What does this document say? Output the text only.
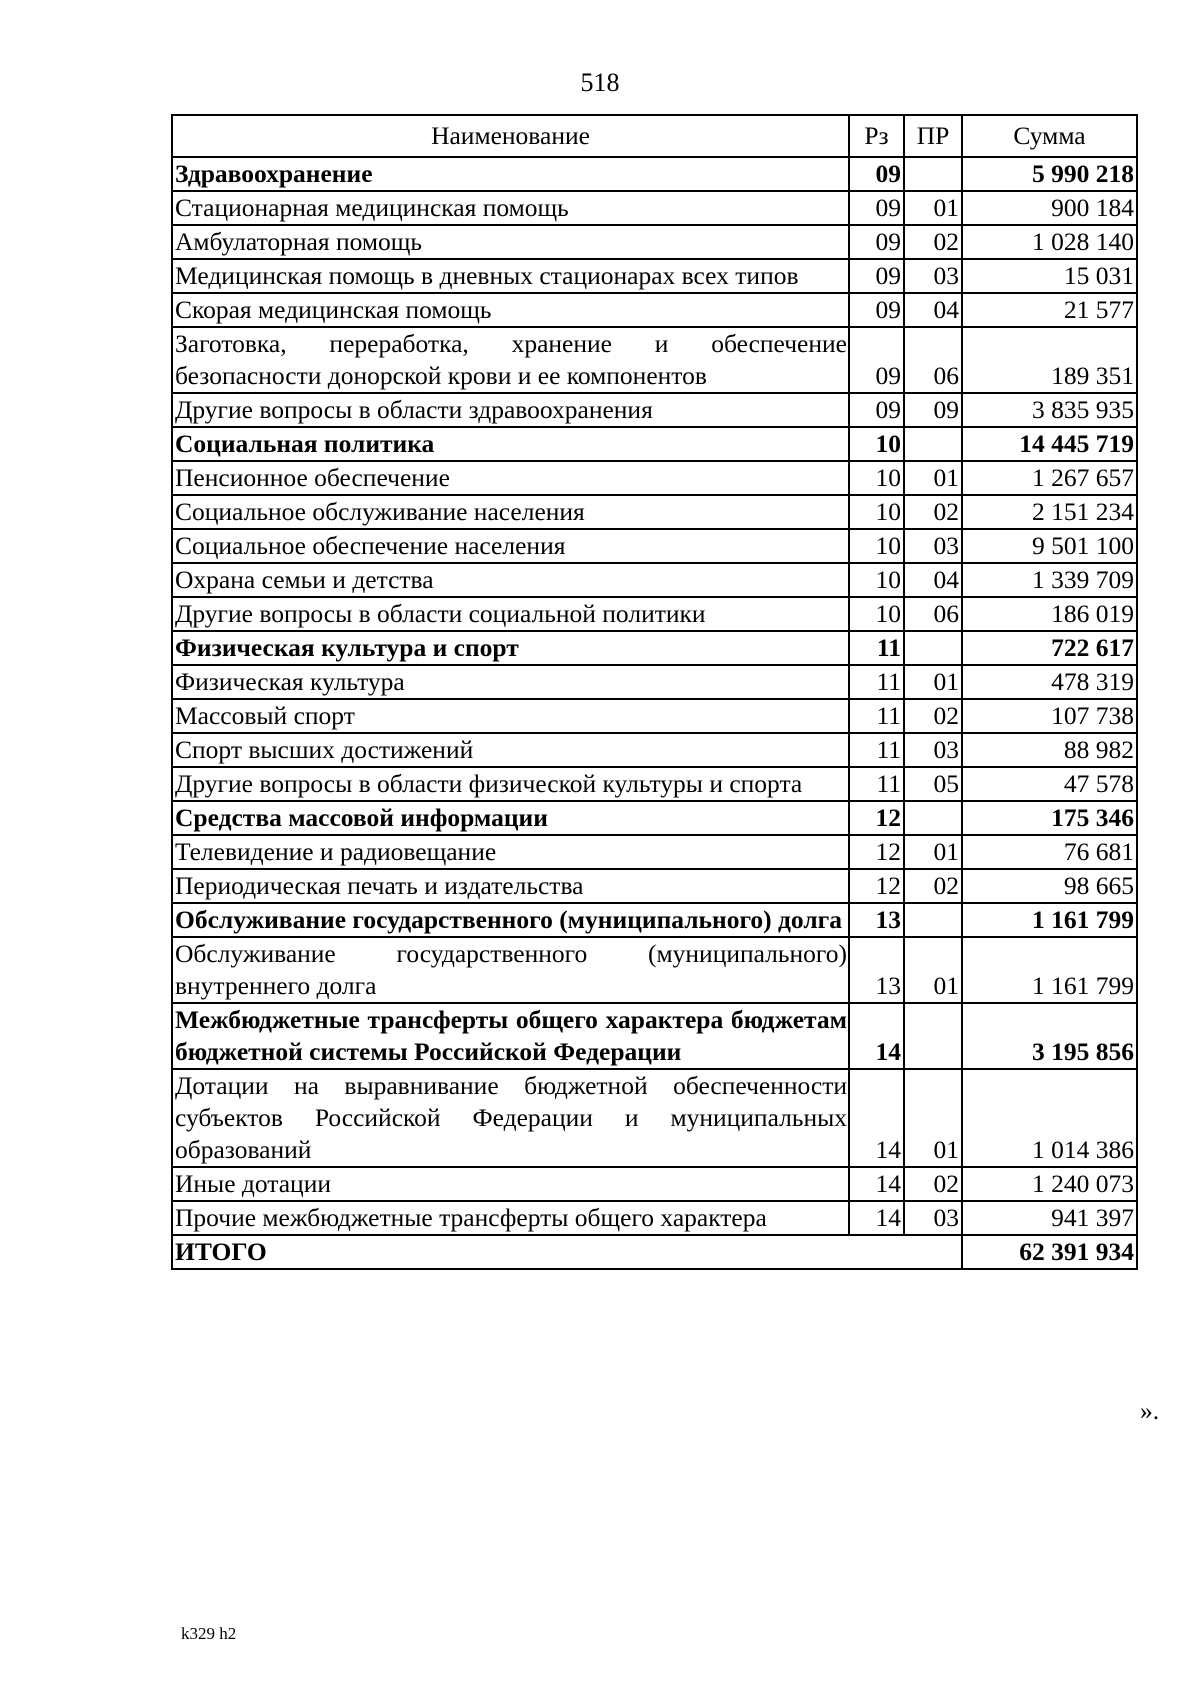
518
Наименование	Рз	ПР	Сумма
Здравоохранение	09		5 990 218
Стационарная медицинская помощь	09	01	900 184
Амбулаторная помощь	09	02	1 028 140
Медицинская помощь в дневных стационарах всех типов	09	03	15 031
Скорая медицинская помощь	09	04	21 577
Заготовка, переработка, хранение и обеспечение безопасности донорской крови и ее компонентов	09	06	189 351
Другие вопросы в области здравоохранения	09	09	3 835 935
Социальная политика	10		14 445 719
Пенсионное обеспечение	10	01	1 267 657
Социальное обслуживание населения	10	02	2 151 234
Социальное обеспечение населения	10	03	9 501 100
Охрана семьи и детства	10	04	1 339 709
Другие вопросы в области социальной политики	10	06	186 019
Физическая культура и спорт	11		722 617
Физическая культура	11	01	478 319
Массовый спорт	11	02	107 738
Спорт высших достижений	11	03	88 982
Другие вопросы в области физической культуры и спорта	11	05	47 578
Средства массовой информации	12		175 346
Телевидение и радиовещание	12	01	76 681
Периодическая печать и издательства	12	02	98 665
Обслуживание государственного (муниципального) долга	13		1 161 799
Обслуживание государственного (муниципального) внутреннего долга	13	01	1 161 799
Межбюджетные трансферты общего характера бюджетам бюджетной системы Российской Федерации	14		3 195 856
Дотации на выравнивание бюджетной обеспеченности субъектов Российской Федерации и муниципальных образований	14	01	1 014 386
Иные дотации	14	02	1 240 073
Прочие межбюджетные трансферты общего характера	14	03	941 397
ИТОГО			62 391 934
».
k329 h2
